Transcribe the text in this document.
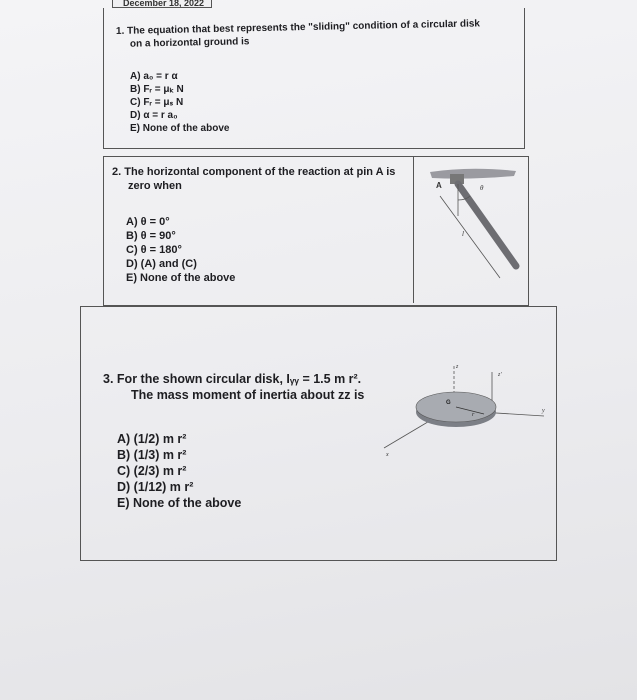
December 18, 2022
1. The equation that best represents the "sliding" condition of a circular disk
on a horizontal ground is
A) a₀ = r α
B) Fᵣ = μₖ N
C) Fᵣ = μₛ N
D) α = r a₀
E) None of the above
2. The horizontal component of the reaction at pin A is
zero when
A) θ = 0°
B) θ = 90°
C) θ = 180°
D) (A) and (C)
E) None of the above
A	θ
l
3. For the shown circular disk, Iᵧᵧ = 1.5 m r².
The mass moment of inertia about zz is
A) (1/2) m r²
B) (1/3) m r²
C) (2/3) m r²
D) (1/12) m r²
E) None of the above
G
r
z
z'
x
y
